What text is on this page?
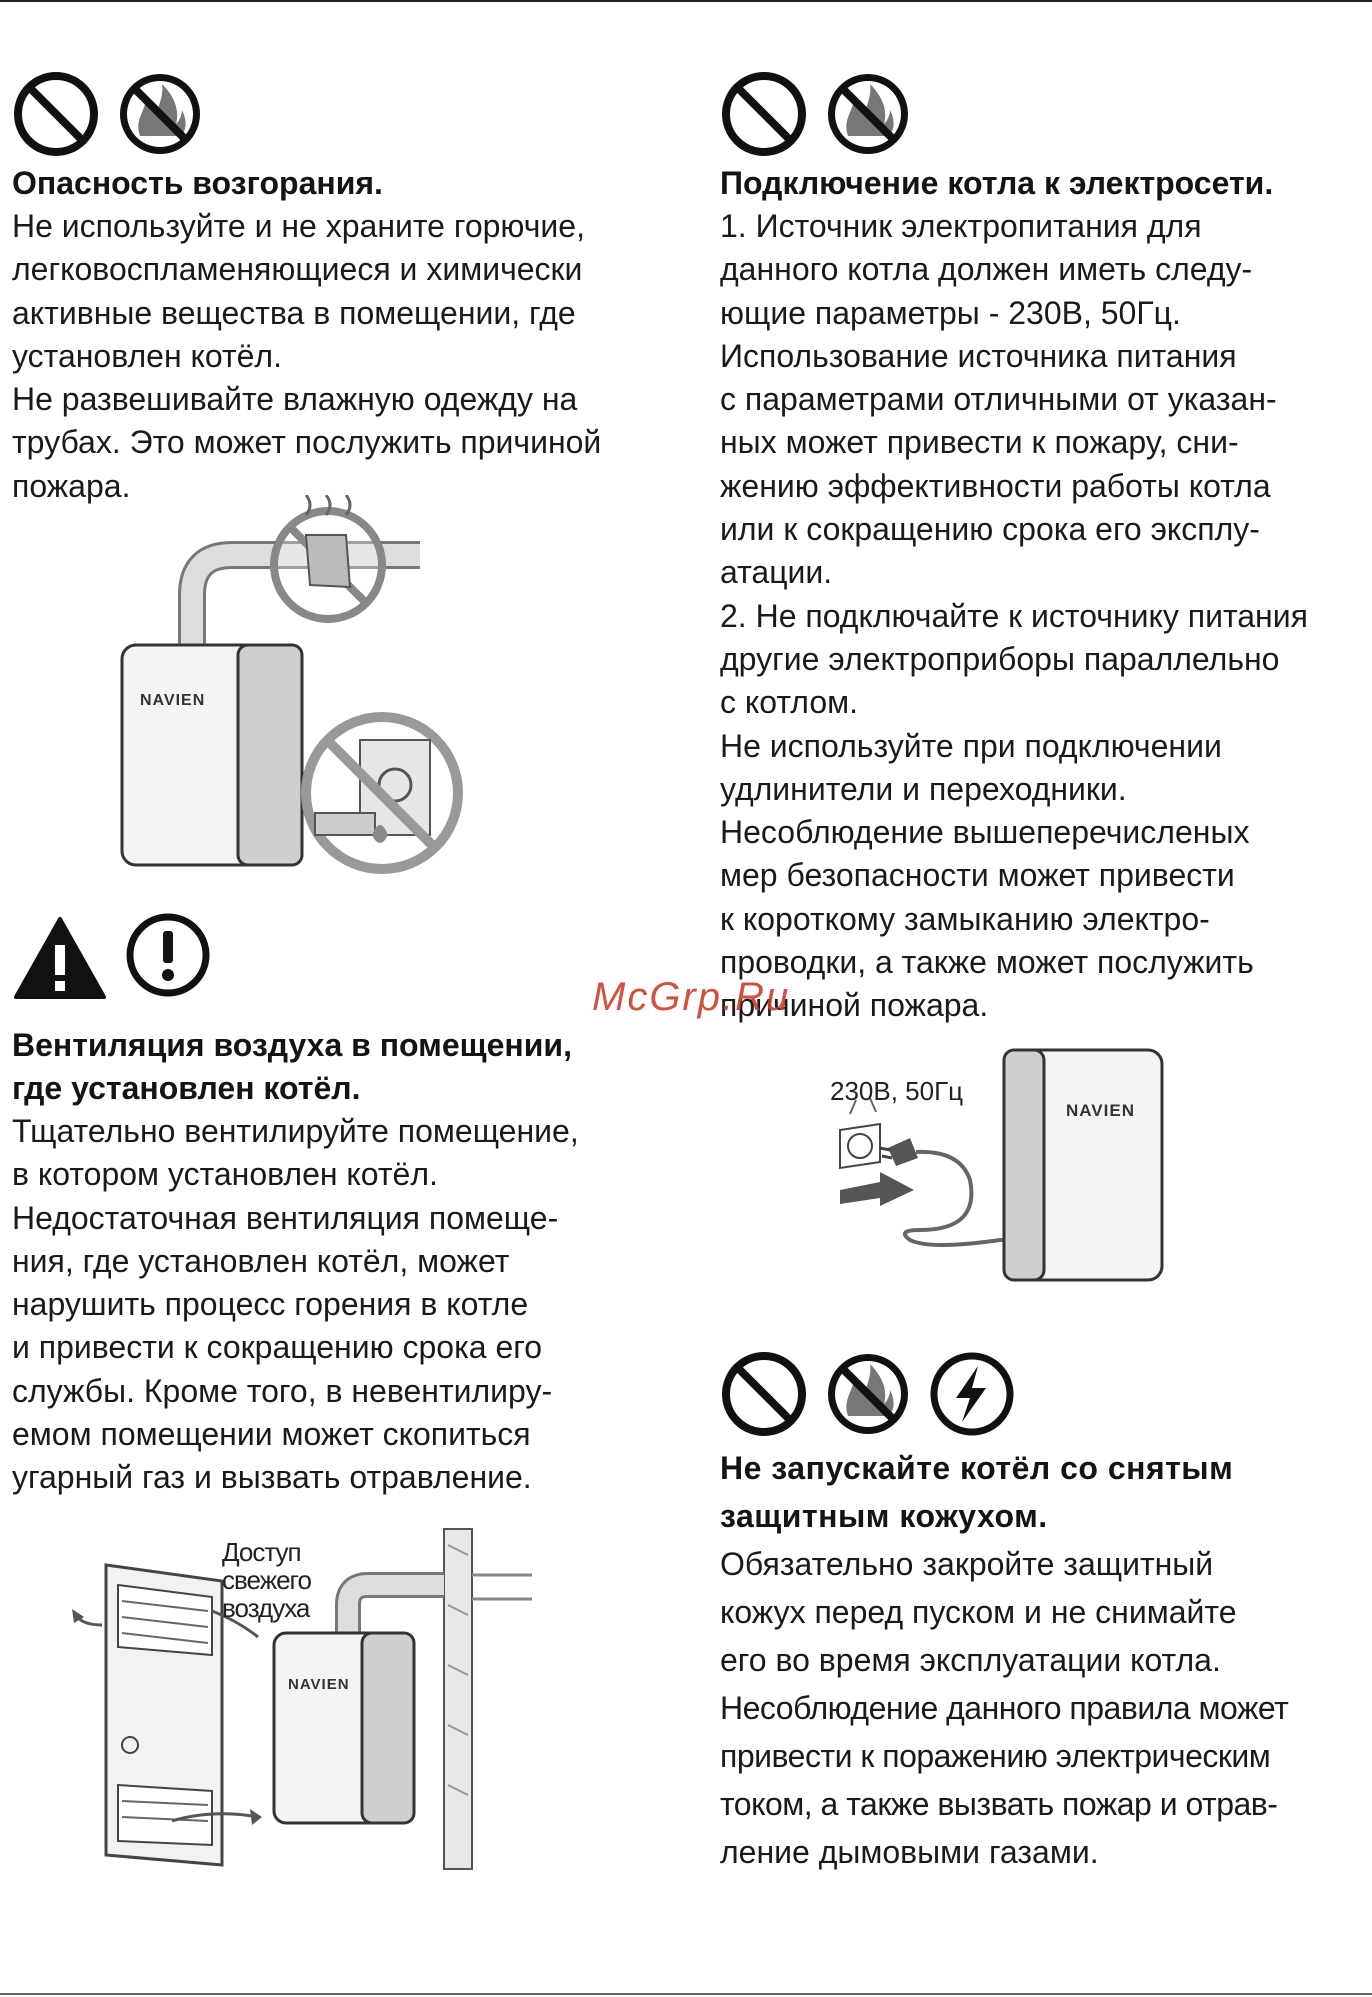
Опасность возгорания.

Не используйте и не храните горючие,

легковоспламеняющиеся и химически

активные вещества в помещении, где

установлен котёл.

Не развешивайте влажную одежду на

трубах. Это может послужить причиной

пожара.

NAVIEN
Вентиляция воздуха в помещении,
где установлен котёл.

Тщательно вентилируйте помещение,

в котором установлен котёл.

Недостаточная вентиляция помеще-

ния, где установлен котёл, может

нарушить процесс горения в котле

и привести к сокращению срока его

службы. Кроме того, в невентилиру-

емом помещении может скопиться

угарный газ и вызвать отравление.

NAVIEN
Доступ
свежего
воздуха
Подключение котла к электросети.

1. Источник электропитания для

данного котла должен иметь следу-

ющие параметры - 230В, 50Гц.

Использование источника питания

с параметрами отличными от указан-

ных может привести к пожару, сни-

жению эффективности работы котла

или к сокращению срока его эксплу-

атации.

2. Не подключайте к источнику питания

другие электроприборы параллельно

с котлом.

Не используйте при подключении

удлинители и переходники.

Несоблюдение вышеперечисленых

мер безопасности может привести

к короткому замыканию электро-

проводки, а также может послужить

причиной пожара.

McGrp.Ru
NAVIEN
230В, 50Гц
Не запускайте котёл со снятым
защитным кожухом.

Обязательно закройте защитный

кожух перед пуском и не снимайте

его во время эксплуатации котла.

Несоблюдение данного правила может

привести к поражению электрическим

током, а также вызвать пожар и отрав-

ление дымовыми газами.
